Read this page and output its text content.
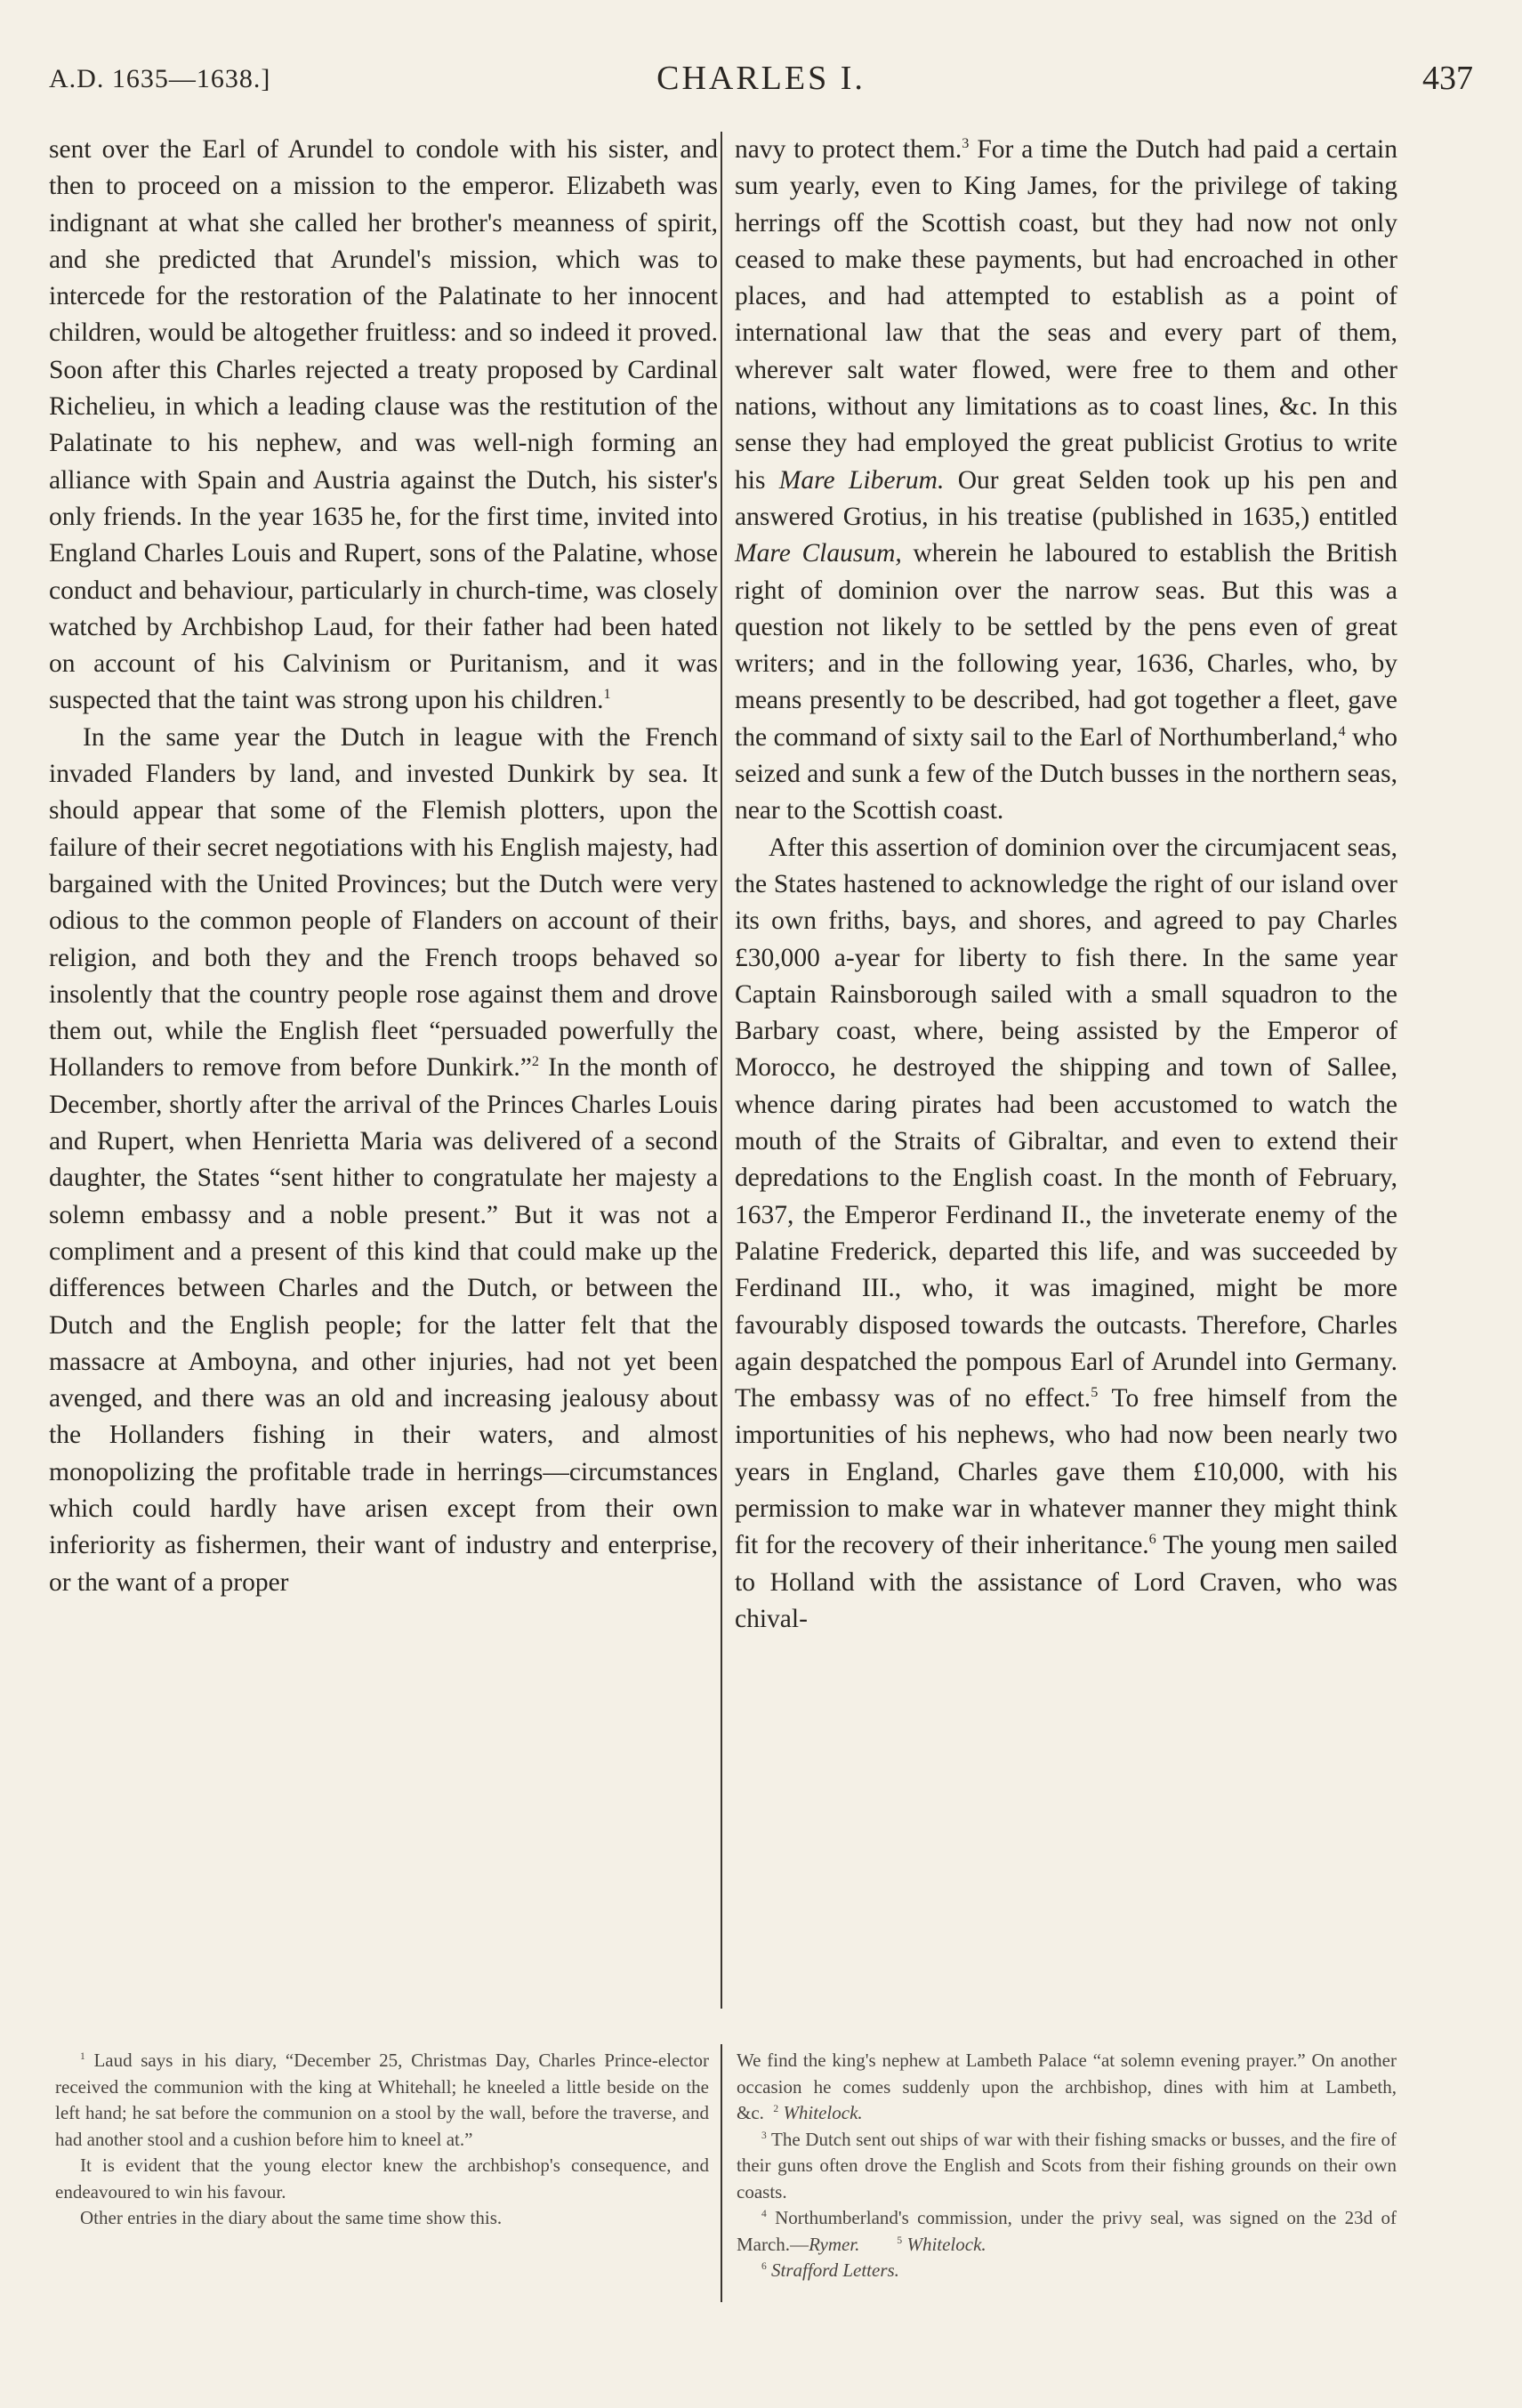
A.D. 1635—1638.]	CHARLES I.	437

sent over the Earl of Arundel to condole with his sister, and then to proceed on a mission to the emperor. Elizabeth was indignant at what she called her brother's meanness of spirit, and she predicted that Arundel's mission, which was to intercede for the restoration of the Palatinate to her innocent children, would be altogether fruitless: and so indeed it proved. Soon after this Charles rejected a treaty proposed by Cardinal Richelieu, in which a leading clause was the restitution of the Palatinate to his nephew, and was well-nigh forming an alliance with Spain and Austria against the Dutch, his sister's only friends. In the year 1635 he, for the first time, invited into England Charles Louis and Rupert, sons of the Palatine, whose conduct and behaviour, particularly in church-time, was closely watched by Archbishop Laud, for their father had been hated on account of his Calvinism or Puritanism, and it was suspected that the taint was strong upon his children.$^1$

In the same year the Dutch in league with the French invaded Flanders by land, and invested Dunkirk by sea. It should appear that some of the Flemish plotters, upon the failure of their secret negotiations with his English majesty, had bargained with the United Provinces; but the Dutch were very odious to the common people of Flanders on account of their religion, and both they and the French troops behaved so insolently that the country people rose against them and drove them out, while the English fleet “persuaded powerfully the Hollanders to remove from before Dunkirk.”$^2$ In the month of December, shortly after the arrival of the Princes Charles Louis and Rupert, when Henrietta Maria was delivered of a second daughter, the States “sent hither to congratulate her majesty a solemn embassy and a noble present.” But it was not a compliment and a present of this kind that could make up the differences between Charles and the Dutch, or between the Dutch and the English people; for the latter felt that the massacre at Amboyna, and other injuries, had not yet been avenged, and there was an old and increasing jealousy about the Hollanders fishing in their waters, and almost monopolizing the profitable trade in herrings—circumstances which could hardly have arisen except from their own inferiority as fishermen, their want of industry and enterprise, or the want of a proper

navy to protect them.$^3$ For a time the Dutch had paid a certain sum yearly, even to King James, for the privilege of taking herrings off the Scottish coast, but they had now not only ceased to make these payments, but had encroached in other places, and had attempted to establish as a point of international law that the seas and every part of them, wherever salt water flowed, were free to them and other nations, without any limitations as to coast lines, &c. In this sense they had employed the great publicist Grotius to write his Mare Liberum. Our great Selden took up his pen and answered Grotius, in his treatise (published in 1635,) entitled Mare Clausum, wherein he laboured to establish the British right of dominion over the narrow seas. But this was a question not likely to be settled by the pens even of great writers; and in the following year, 1636, Charles, who, by means presently to be described, had got together a fleet, gave the command of sixty sail to the Earl of Northumberland,$^4$ who seized and sunk a few of the Dutch busses in the northern seas, near to the Scottish coast.

After this assertion of dominion over the circumjacent seas, the States hastened to acknowledge the right of our island over its own friths, bays, and shores, and agreed to pay Charles £30,000 a-year for liberty to fish there. In the same year Captain Rainsborough sailed with a small squadron to the Barbary coast, where, being assisted by the Emperor of Morocco, he destroyed the shipping and town of Sallee, whence daring pirates had been accustomed to watch the mouth of the Straits of Gibraltar, and even to extend their depredations to the English coast. In the month of February, 1637, the Emperor Ferdinand II., the inveterate enemy of the Palatine Frederick, departed this life, and was succeeded by Ferdinand III., who, it was imagined, might be more favourably disposed towards the outcasts. Therefore, Charles again despatched the pompous Earl of Arundel into Germany. The embassy was of no effect.$^5$ To free himself from the importunities of his nephews, who had now been nearly two years in England, Charles gave them £10,000, with his permission to make war in whatever manner they might think fit for the recovery of their inheritance.$^6$ The young men sailed to Holland with the assistance of Lord Craven, who was chival-

$^1$ Laud says in his diary, “December 25, Christmas Day, Charles Prince-elector received the communion with the king at Whitehall; he kneeled a little beside on the left hand; he sat before the communion on a stool by the wall, before the traverse, and had another stool and a cushion before him to kneel at.”

It is evident that the young elector knew the archbishop's consequence, and endeavoured to win his favour.

Other entries in the diary about the same time show this.

We find the king's nephew at Lambeth Palace “at solemn evening prayer.” On another occasion he comes suddenly upon the archbishop, dines with him at Lambeth, &c. $^2$ Whitelock.

$^3$ The Dutch sent out ships of war with their fishing smacks or busses, and the fire of their guns often drove the English and Scots from their fishing grounds on their own coasts.

$^4$ Northumberland's commission, under the privy seal, was signed on the 23d of March.—Rymer.	$^5$ Whitelock.

$^6$ Strafford Letters.
